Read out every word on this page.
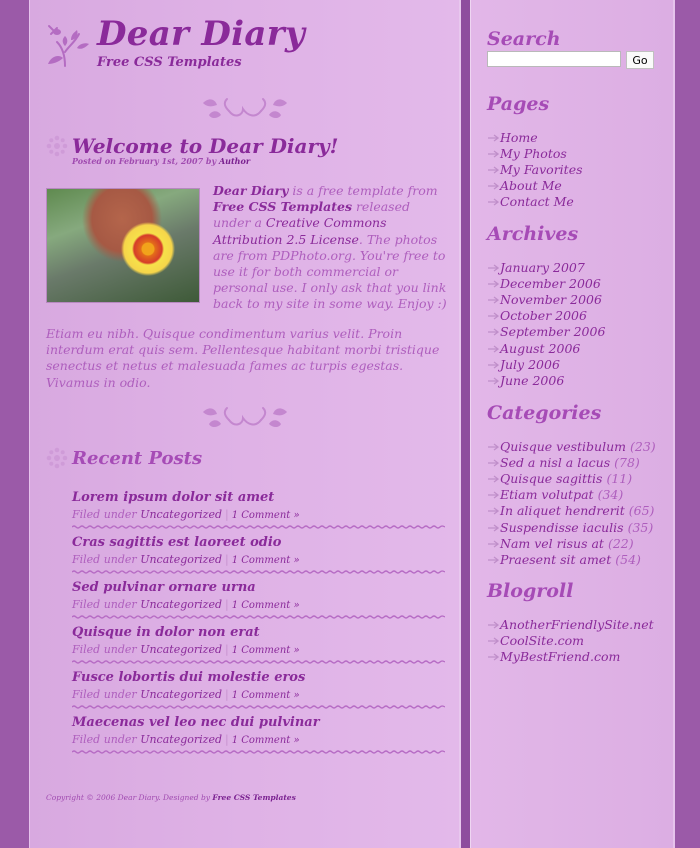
Dear Diary
Free CSS Templates
Welcome to Dear Diary!
Posted on February 1st, 2007 by Author
Dear Diary is a free template from Free CSS Templates released under a Creative Commons Attribution 2.5 License. The photos are from PDPhoto.org. You're free to use it for both commercial or personal use. I only ask that you link back to my site in some way. Enjoy :)
Etiam eu nibh. Quisque condimentum varius velit. Proin interdum erat quis sem. Pellentesque habitant morbi tristique senectus et netus et malesuada fames ac turpis egestas. Vivamus in odio.
Recent Posts
Lorem ipsum dolor sit amet
Filed under Uncategorized | 1 Comment »
Cras sagittis est laoreet odio
Filed under Uncategorized | 1 Comment »
Sed pulvinar ornare urna
Filed under Uncategorized | 1 Comment »
Quisque in dolor non erat
Filed under Uncategorized | 1 Comment »
Fusce lobortis dui molestie eros
Filed under Uncategorized | 1 Comment »
Maecenas vel leo nec dui pulvinar
Filed under Uncategorized | 1 Comment »
Copyright © 2006 Dear Diary. Designed by Free CSS Templates
Search
Go
Pages
Home
My Photos
My Favorites
About Me
Contact Me
Archives
January 2007
December 2006
November 2006
October 2006
September 2006
August 2006
July 2006
June 2006
Categories
Quisque vestibulum (23)
Sed a nisl a lacus (78)
Quisque sagittis (11)
Etiam volutpat (34)
In aliquet hendrerit (65)
Suspendisse iaculis (35)
Nam vel risus at (22)
Praesent sit amet (54)
Blogroll
AnotherFriendlySite.net
CoolSite.com
MyBestFriend.com
